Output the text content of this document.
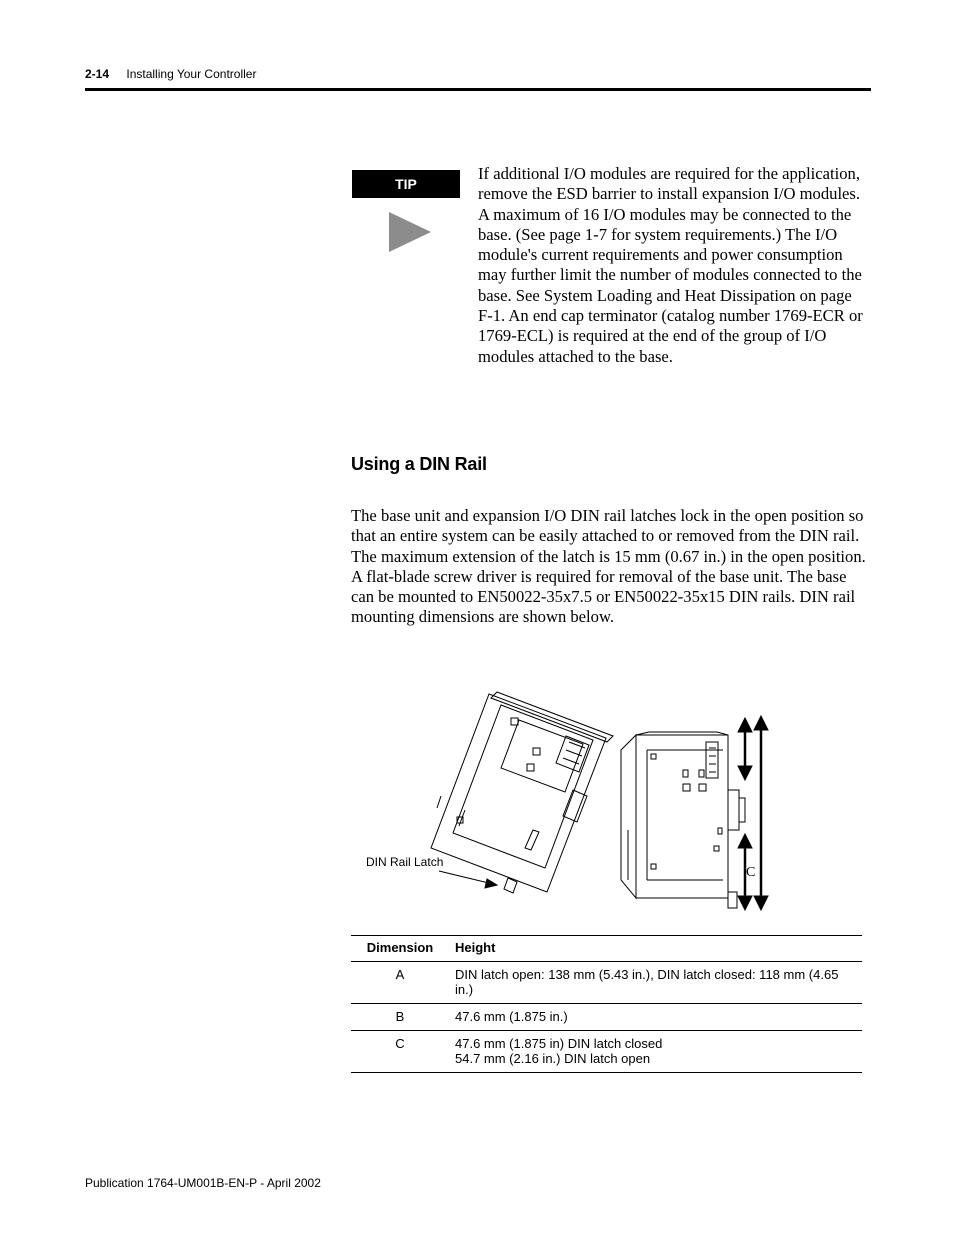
2-14 Installing Your Controller
TIP
If additional I/O modules are required for the application, remove the ESD barrier to install expansion I/O modules. A maximum of 16 I/O modules may be connected to the base. (See page 1-7 for system requirements.) The I/O module's current requirements and power consumption may further limit the number of modules connected to the base. See System Loading and Heat Dissipation on page F-1. An end cap terminator (catalog number 1769-ECR or 1769-ECL) is required at the end of the group of I/O modules attached to the base.
Using a DIN Rail
The base unit and expansion I/O DIN rail latches lock in the open position so that an entire system can be easily attached to or removed from the DIN rail. The maximum extension of the latch is 15 mm (0.67 in.) in the open position. A flat-blade screw driver is required for removal of the base unit. The base can be mounted to EN50022-35x7.5 or EN50022-35x15 DIN rails. DIN rail mounting dimensions are shown below.
DIN Rail Latch
C
Dimension	Height
A	DIN latch open: 138 mm (5.43 in.), DIN latch closed: 118 mm (4.65 in.)
B	47.6 mm (1.875 in.)
C	47.6 mm (1.875 in) DIN latch closed
54.7 mm (2.16 in.) DIN latch open
Publication 1764-UM001B-EN-P - April 2002
